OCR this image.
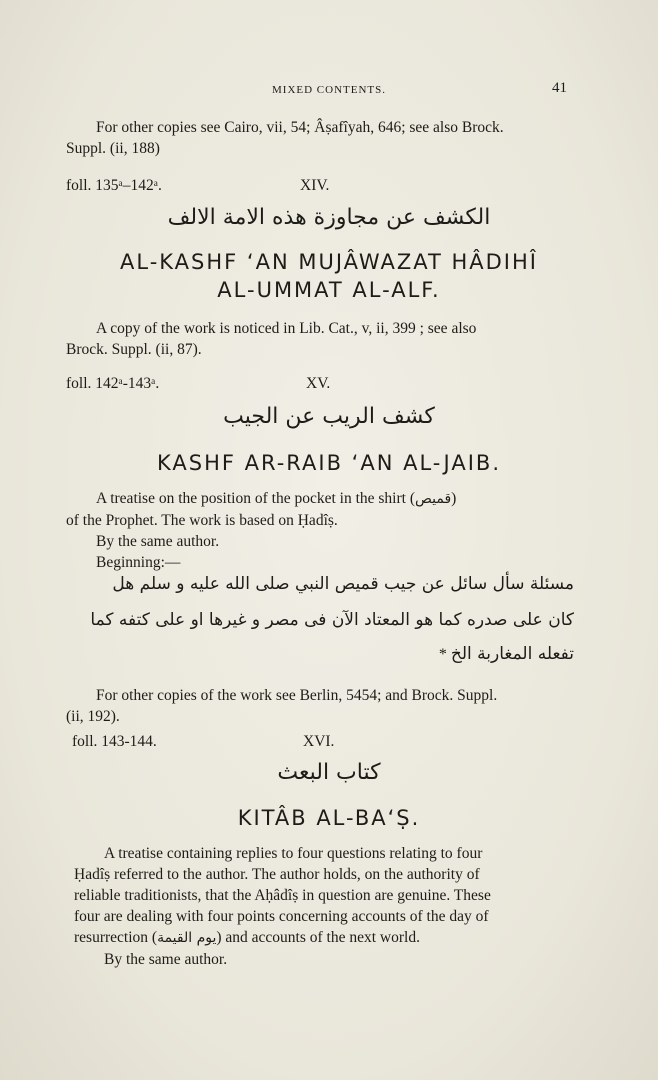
MIXED CONTENTS.	41
For other copies see Cairo, vii, 54; Âṣafîyah, 646; see also Brock.
Suppl. (ii, 188)
foll. 135ᵃ–142ᵃ.	XIV.
الكشف عن مجاوزة هذه الامة الالف
AL-KASHF ‘AN MUJÂWAZAT HÂDIHÎ
AL-UMMAT AL-ALF.
A copy of the work is noticed in Lib. Cat., v, ii, 399 ; see also
Brock. Suppl. (ii, 87).
foll. 142ᵃ-143ᵃ.	XV.
كشف الريب عن الجيب
KASHF AR-RAIB ‘AN AL-JAIB.
A treatise on the position of the pocket in the shirt (قميص)
of the Prophet. The work is based on Ḥadîṣ.
By the same author.
Beginning:—
مسئلة سأل سائل عن جيب قميص النبي صلى الله عليه و سلم هل
كان على صدره كما هو المعتاد الآن فى مصر و غيرها او على كتفه كما
تفعله المغاربة الخ *
For other copies of the work see Berlin, 5454; and Brock. Suppl.
(ii, 192).
foll. 143-144.	XVI.
كتاب البعث
KITÂB AL-BA‘Ṣ.
A treatise containing replies to four questions relating to four
Ḥadîṣ referred to the author. The author holds, on the authority of
reliable traditionists, that the Aḥâdîṣ in question are genuine. These
four are dealing with four points concerning accounts of the day of
resurrection (يوم القيمة) and accounts of the next world.
By the same author.
